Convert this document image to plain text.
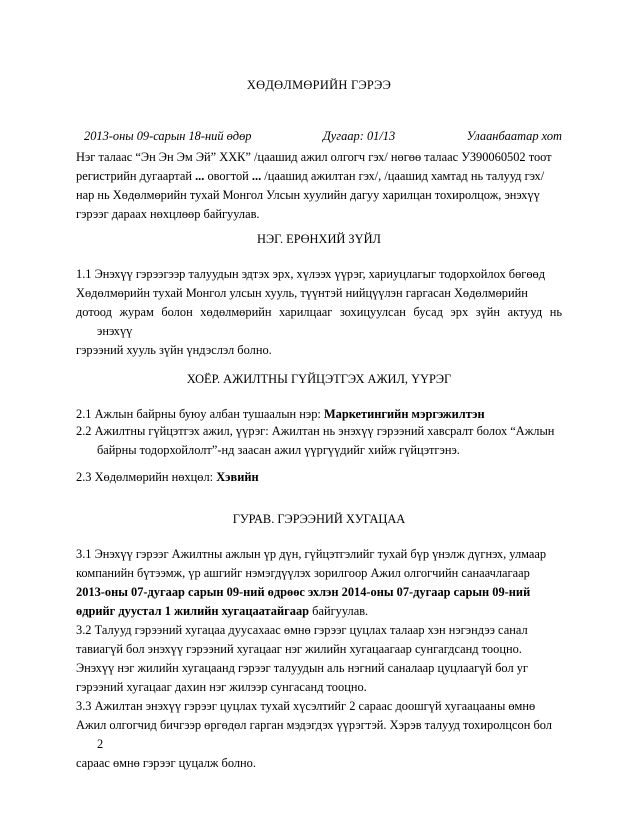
ХӨДӨЛМӨРИЙН ГЭРЭЭ
2013-оны 09-сарын 18-ний өдөр	Дугаар: 01/13	Улаанбаатар хот
Нэг талаас “Эн Эн Эм Эй” ХХК” /цаашид ажил олгогч гэх/ нөгөө талаас УЗ90060502 тоот
регистрийн дугаартай ... овогтой ... /цаашид ажилтан гэх/, /цаашид хамтад нь талууд гэх/
нар нь Хөдөлмөрийн тухай Монгол Улсын хуулийн дагуу харилцан тохиролцож, энэхүү
гэрээг дараах нөхцлөөр байгуулав.
НЭГ. ЕРӨНХИЙ ЗҮЙЛ
1.1 Энэхүү гэрээгээр талуудын эдтэх эрх, хүлээх үүрэг, хариуцлагыг тодорхойлох бөгөөд
Хөдөлмөрийн тухай Монгол улсын хууль, түүнтэй нийцүүлэн гаргасан Хөдөлмөрийн
дотоод журам болон хөдөлмөрийн харилцааг зохицуулсан бусад эрх зүйн актууд нь
энэхүү
гэрээний хууль зүйн үндэслэл болно.
ХОЁР. АЖИЛТНЫ ГҮЙЦЭТГЭХ АЖИЛ, ҮҮРЭГ
2.1 Ажлын байрны буюу албан тушаалын нэр: Маркетингийн мэргэжилтэн
2.2 Ажилтны гүйцэтгэх ажил, үүрэг: Ажилтан нь энэхүү гэрээний хавсралт болох “Ажлын
байрны тодорхойлолт”-нд заасан ажил үүргүүдийг хийж гүйцэтгэнэ.
2.3 Хөдөлмөрийн нөхцөл: Хэвийн
ГУРАВ. ГЭРЭЭНИЙ ХУГАЦАА
3.1 Энэхүү гэрээг Ажилтны ажлын үр дүн, гүйцэтгэлийг тухай бүр үнэлж дүгнэх, улмаар
компанийн бүтээмж, үр ашгийг нэмэгдүүлэх зорилгоор Ажил олгогчийн санаачлагаар
2013-оны 07-дугаар сарын 09-ний өдрөөс эхлэн 2014-оны 07-дугаар сарын 09-ний
өдрийг дуустал 1 жилийн хугацаатайгаар байгуулав.
3.2 Талууд гэрээний хугацаа дуусахаас өмнө гэрээг цуцлах талаар хэн нэгэндээ санал
тавиагүй бол энэхүү гэрээний хугацааг нэг жилийн хугацаагаар сунгагдсанд тооцно.
Энэхүү нэг жилийн хугацаанд гэрээг талуудын аль нэгний саналаар цуцлаагүй бол уг
гэрээний хугацааг дахин нэг жилээр сунгасанд тооцно.
3.3 Ажилтан энэхүү гэрээг цуцлах тухай хүсэлтийг 2 сараас доошгүй хугаацааны өмнө
Ажил олгогчид бичгээр өргөдөл гарган мэдэгдэх үүрэгтэй. Хэрэв талууд тохиролцсон бол
2
сараас өмнө гэрээг цуцалж болно.
